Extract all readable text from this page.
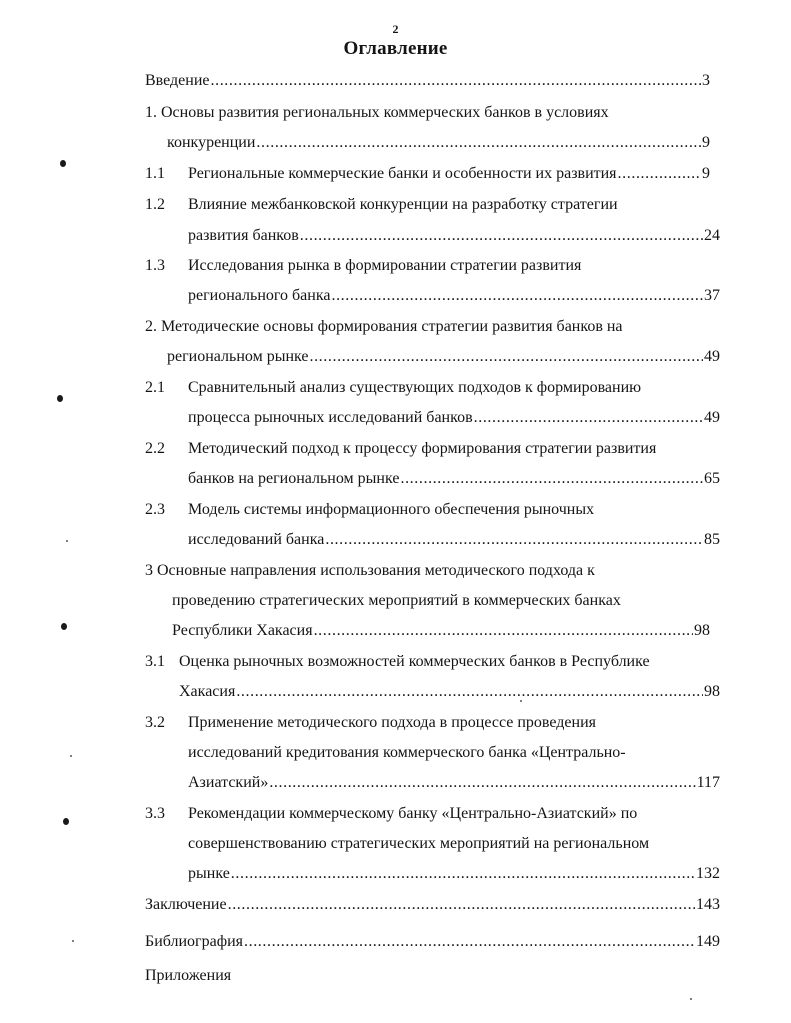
2
Оглавление
Введение .....	3
1. Основы развития региональных коммерческих банков в условиях
конкуренции .....	9
1.1 Региональные коммерческие банки и особенности их развития .....	9
1.2 Влияние межбанковской конкуренции на разработку стратегии
развития банков .....	24
1.3 Исследования рынка в формировании стратегии развития
регионального банка .....	37
2. Методические основы формирования стратегии развития банков на
региональном рынке .....	49
2.1 Сравнительный анализ существующих подходов к формированию
процесса рыночных исследований банков .....	49
2.2 Методический подход к процессу формирования стратегии развития
банков на региональном рынке .....	65
2.3 Модель системы информационного обеспечения рыночных
исследований банка .....	85
3 Основные направления использования методического подхода к
проведению стратегических мероприятий в коммерческих банках
Республики Хакасия .....	98
3.1 Оценка рыночных возможностей коммерческих банков в Республике
Хакасия .....	98
3.2 Применение методического подхода в процессе проведения
исследований кредитования коммерческого банка «Центрально-
Азиатский» .....	117
3.3 Рекомендации коммерческому банку «Центрально-Азиатский» по
совершенствованию стратегических мероприятий на региональном
рынке .....	132
Заключение .....	143
Библиография .....	149
Приложения
